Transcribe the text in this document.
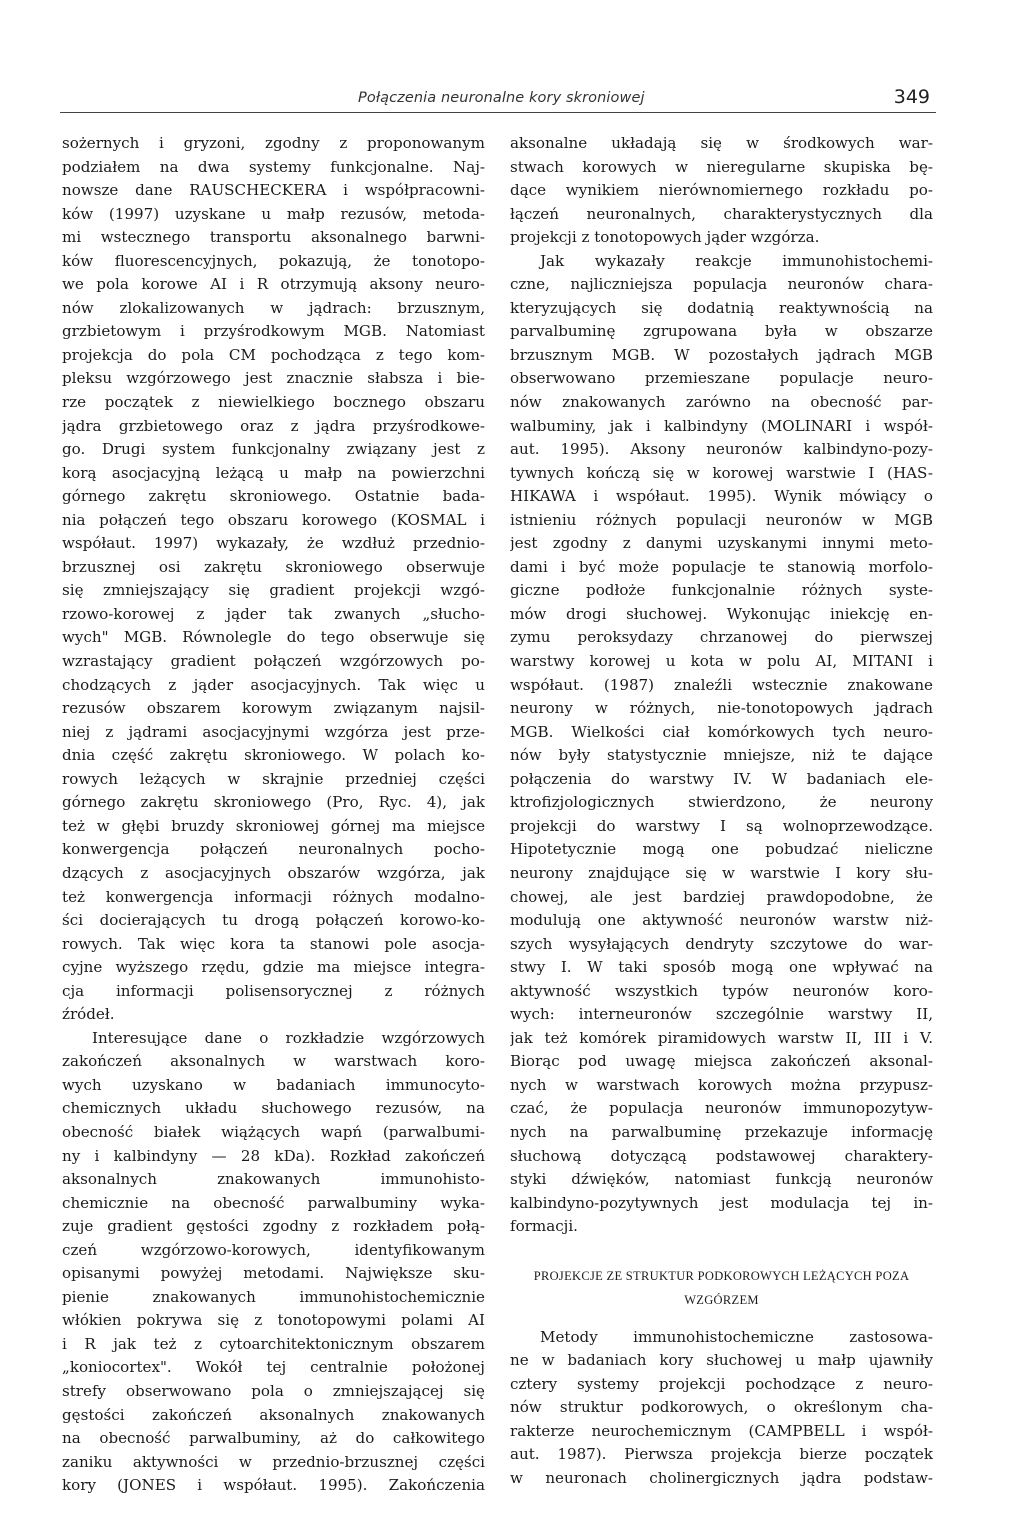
Połączenia neuronalne kory skroniowej	349
sożernych i gryzoni, zgodny z proponowanym
podziałem na dwa systemy funkcjonalne. Naj-
nowsze dane RAUSCHECKERA i współpracowni-
ków (1997) uzyskane u małp rezusów, metoda-
mi wstecznego transportu aksonalnego barwni-
ków fluorescencyjnych, pokazują, że tonotopo-
we pola korowe AI i R otrzymują aksony neuro-
nów zlokalizowanych w jądrach: brzusznym,
grzbietowym i przyśrodkowym MGB. Natomiast
projekcja do pola CM pochodząca z tego kom-
pleksu wzgórzowego jest znacznie słabsza i bie-
rze początek z niewielkiego bocznego obszaru
jądra grzbietowego oraz z jądra przyśrodkowe-
go. Drugi system funkcjonalny związany jest z
korą asocjacyjną leżącą u małp na powierzchni
górnego zakrętu skroniowego. Ostatnie bada-
nia połączeń tego obszaru korowego (KOSMAL i
współaut. 1997) wykazały, że wzdłuż przednio-
brzusznej osi zakrętu skroniowego obserwuje
się zmniejszający się gradient projekcji wzgó-
rzowo-korowej z jąder tak zwanych „słucho-
wych" MGB. Równolegle do tego obserwuje się
wzrastający gradient połączeń wzgórzowych po-
chodzących z jąder asocjacyjnych. Tak więc u
rezusów obszarem korowym związanym najsil-
niej z jądrami asocjacyjnymi wzgórza jest prze-
dnia część zakrętu skroniowego. W polach ko-
rowych leżących w skrajnie przedniej części
górnego zakrętu skroniowego (Pro, Ryc. 4), jak
też w głębi bruzdy skroniowej górnej ma miejsce
konwergencja połączeń neuronalnych pocho-
dzących z asocjacyjnych obszarów wzgórza, jak
też konwergencja informacji różnych modalno-
ści docierających tu drogą połączeń korowo-ko-
rowych. Tak więc kora ta stanowi pole asocja-
cyjne wyższego rzędu, gdzie ma miejsce integra-
cja informacji polisensorycznej z różnych
źródeł.
Interesujące dane o rozkładzie wzgórzowych
zakończeń aksonalnych w warstwach koro-
wych uzyskano w badaniach immunocyto-
chemicznych układu słuchowego rezusów, na
obecność białek wiążących wapń (parwalbumi-
ny i kalbindyny — 28 kDa). Rozkład zakończeń
aksonalnych znakowanych immunohisto-
chemicznie na obecność parwalbuminy wyka-
zuje gradient gęstości zgodny z rozkładem połą-
czeń wzgórzowo-korowych, identyfikowanym
opisanymi powyżej metodami. Największe sku-
pienie znakowanych immunohistochemicznie
włókien pokrywa się z tonotopowymi polami AI
i R jak też z cytoarchitektonicznym obszarem
„koniocortex". Wokół tej centralnie położonej
strefy obserwowano pola o zmniejszającej się
gęstości zakończeń aksonalnych znakowanych
na obecność parwalbuminy, aż do całkowitego
zaniku aktywności w przednio-brzusznej części
kory (JONES i współaut. 1995). Zakończenia
aksonalne układają się w środkowych war-
stwach korowych w nieregularne skupiska bę-
dące wynikiem nierównomiernego rozkładu po-
łączeń neuronalnych, charakterystycznych dla
projekcji z tonotopowych jąder wzgórza.
Jak wykazały reakcje immunohistochemi-
czne, najliczniejsza populacja neuronów chara-
kteryzujących się dodatnią reaktywnością na
parvalbuminę zgrupowana była w obszarze
brzusznym MGB. W pozostałych jądrach MGB
obserwowano przemieszane populacje neuro-
nów znakowanych zarówno na obecność par-
walbuminy, jak i kalbindyny (MOLINARI i współ-
aut. 1995). Aksony neuronów kalbindyno-pozy-
tywnych kończą się w korowej warstwie I (HAS-
HIKAWA i współaut. 1995). Wynik mówiący o
istnieniu różnych populacji neuronów w MGB
jest zgodny z danymi uzyskanymi innymi meto-
dami i być może populacje te stanowią morfolo-
giczne podłoże funkcjonalnie różnych syste-
mów drogi słuchowej. Wykonując iniekcję en-
zymu peroksydazy chrzanowej do pierwszej
warstwy korowej u kota w polu AI, MITANI i
współaut. (1987) znaleźli wstecznie znakowane
neurony w różnych, nie-tonotopowych jądrach
MGB. Wielkości ciał komórkowych tych neuro-
nów były statystycznie mniejsze, niż te dające
połączenia do warstwy IV. W badaniach ele-
ktrofizjologicznych stwierdzono, że neurony
projekcji do warstwy I są wolnoprzewodzące.
Hipotetycznie mogą one pobudzać nieliczne
neurony znajdujące się w warstwie I kory słu-
chowej, ale jest bardziej prawdopodobne, że
modulują one aktywność neuronów warstw niż-
szych wysyłających dendryty szczytowe do war-
stwy I. W taki sposób mogą one wpływać na
aktywność wszystkich typów neuronów koro-
wych: interneuronów szczególnie warstwy II,
jak też komórek piramidowych warstw II, III i V.
Biorąc pod uwagę miejsca zakończeń aksonal-
nych w warstwach korowych można przypusz-
czać, że populacja neuronów immunopozytyw-
nych na parwalbuminę przekazuje informację
słuchową dotyczącą podstawowej charaktery-
styki dźwięków, natomiast funkcją neuronów
kalbindyno-pozytywnych jest modulacja tej in-
formacji.
PROJEKCJE ZE STRUKTUR PODKOROWYCH LEŻĄCYCH POZA
WZGÓRZEM
Metody immunohistochemiczne zastosowa-
ne w badaniach kory słuchowej u małp ujawniły
cztery systemy projekcji pochodzące z neuro-
nów struktur podkorowych, o określonym cha-
rakterze neurochemicznym (CAMPBELL i współ-
aut. 1987). Pierwsza projekcja bierze początek
w neuronach cholinergicznych jądra podstaw-
